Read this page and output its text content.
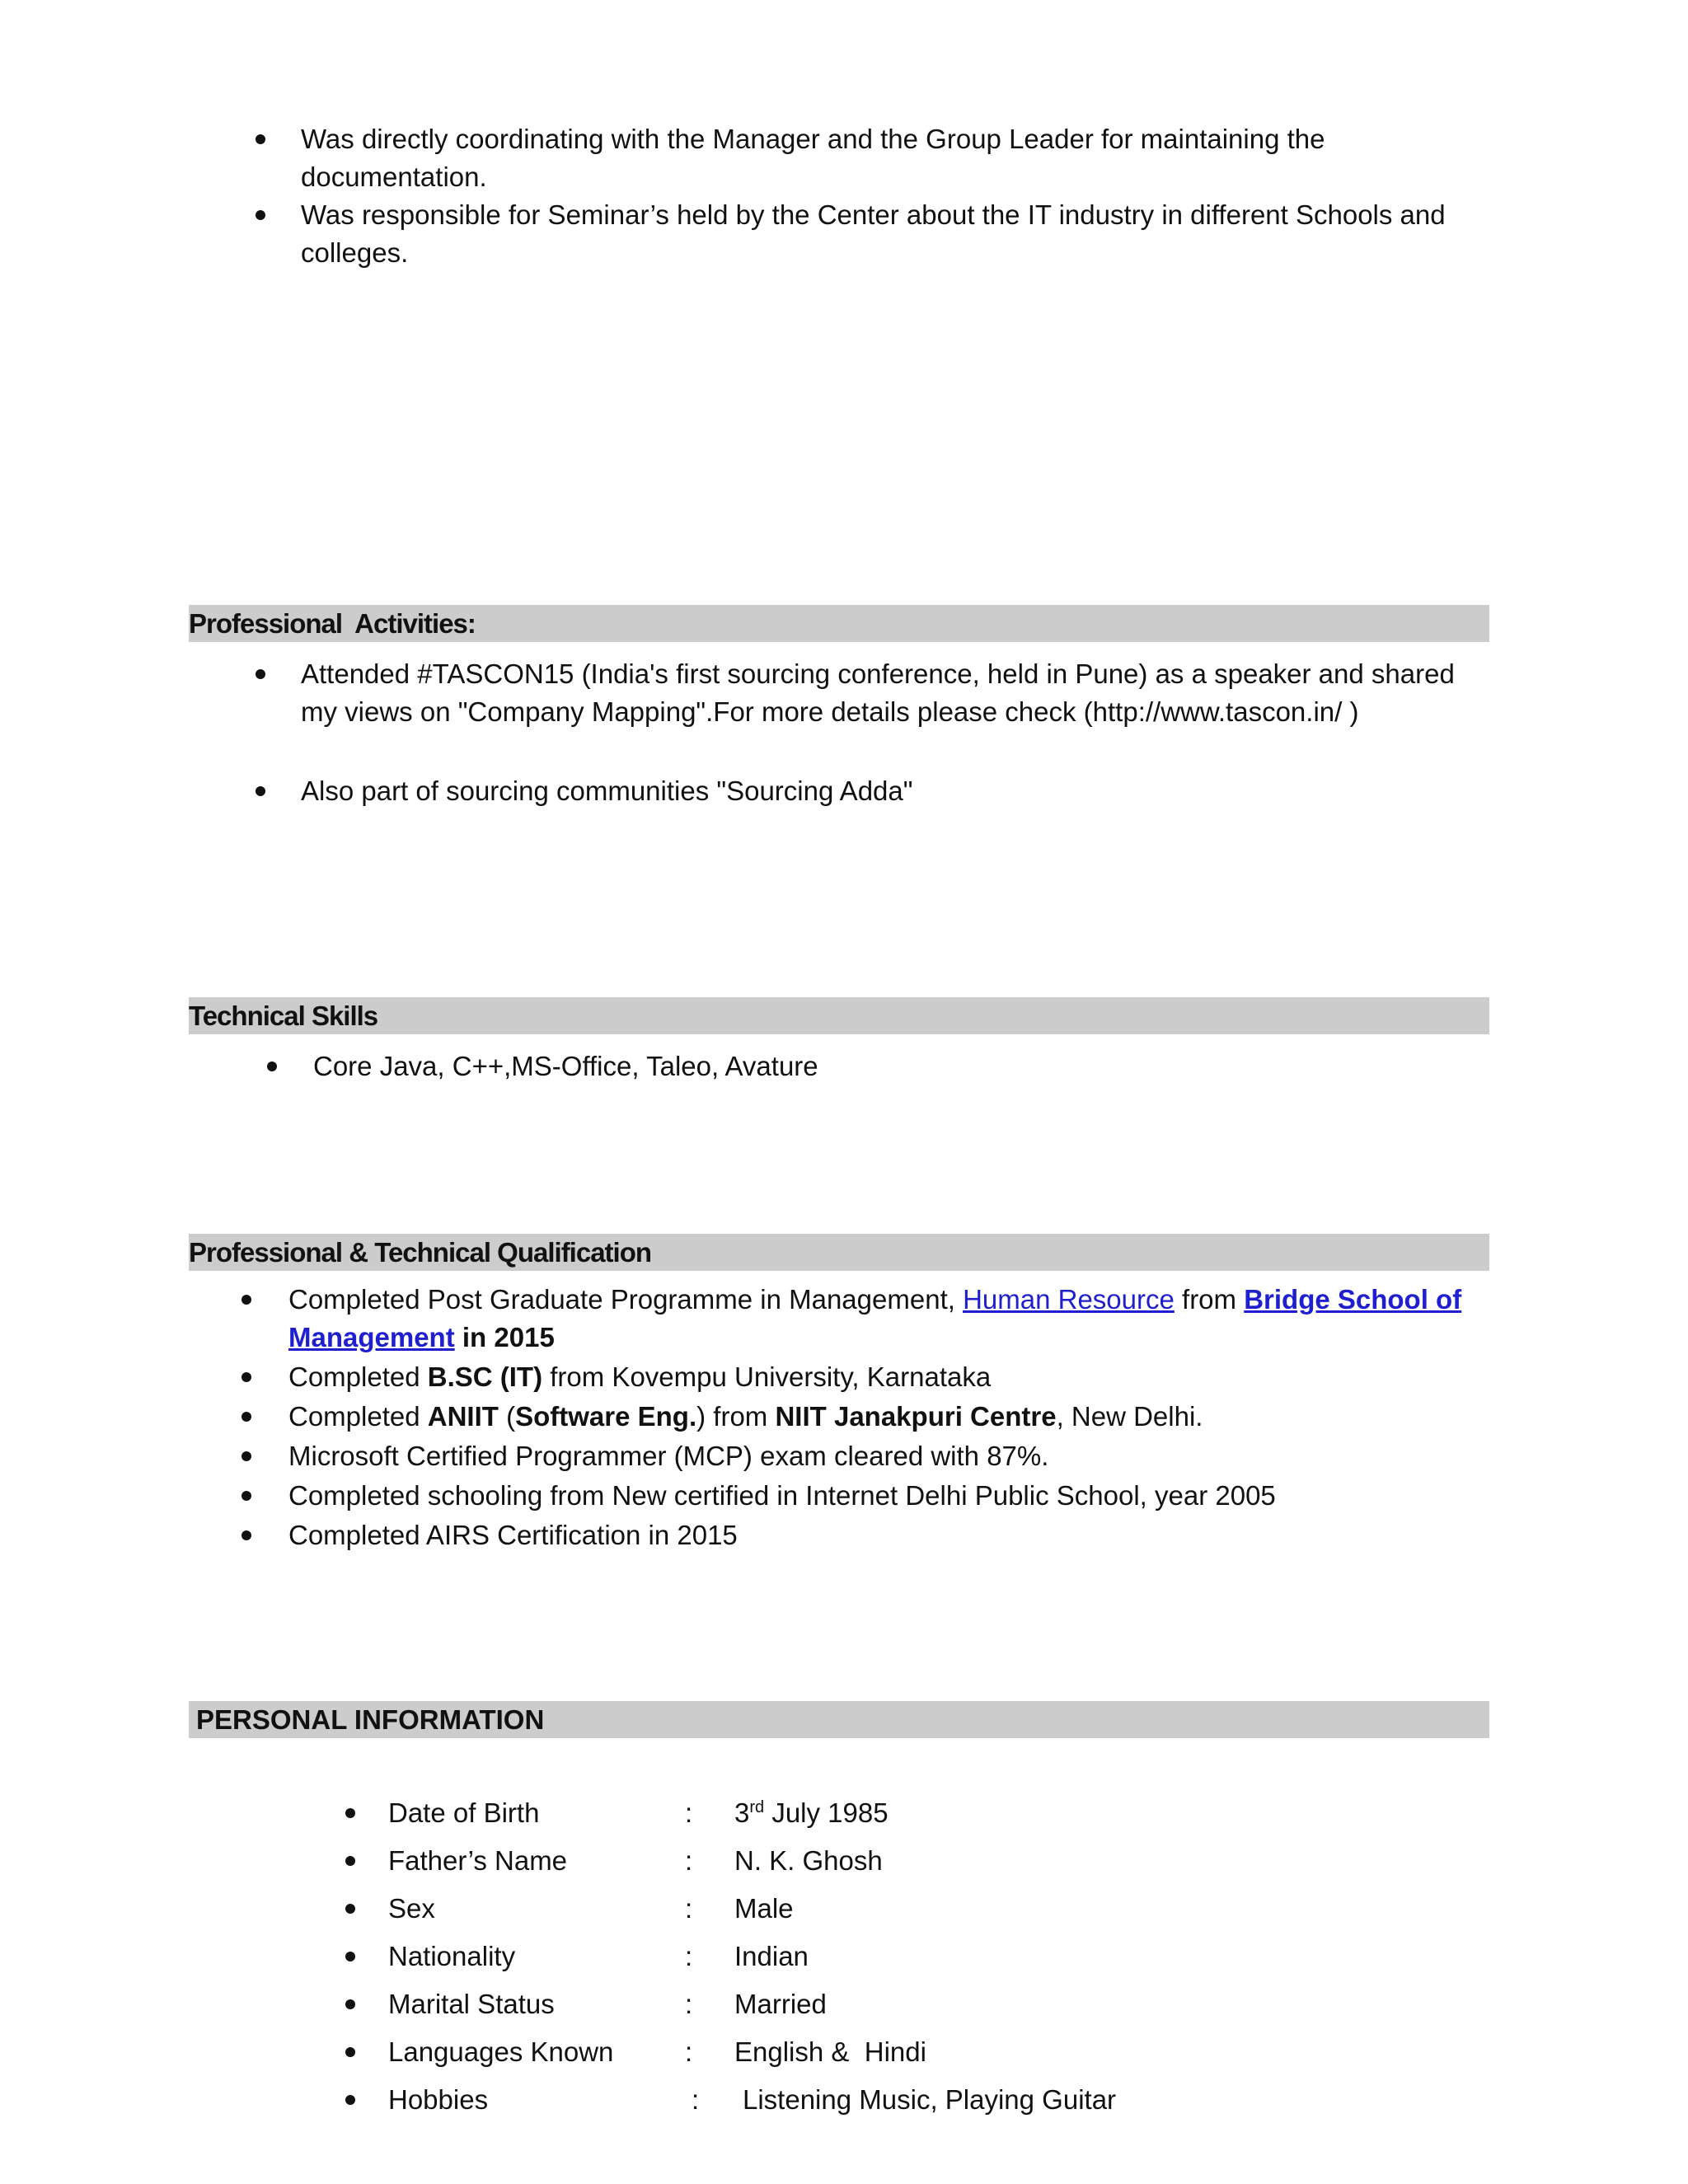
Was directly coordinating with the Manager and the Group Leader for maintaining the documentation.
Was responsible for Seminar’s held by the Center about the IT industry in different Schools and colleges.
Professional  Activities:
Attended #TASCON15 (India's first sourcing conference, held in Pune) as a speaker and shared my views on "Company Mapping".For more details please check (http://www.tascon.in/ )
Also part of sourcing communities "Sourcing Adda"
Technical Skills
Core Java, C++,MS-Office, Taleo, Avature
Professional & Technical Qualification
Completed Post Graduate Programme in Management, Human Resource from Bridge School of Management in 2015
Completed B.SC (IT) from Kovempu University, Karnataka
Completed ANIIT (Software Eng.) from NIIT Janakpuri Centre, New Delhi.
Microsoft Certified Programmer (MCP) exam cleared with 87%.
Completed schooling from New certified in Internet Delhi Public School, year 2005
Completed AIRS Certification in 2015
PERSONAL INFORMATION
Date of Birth	: 3rd July 1985
Father’s Name	: N. K. Ghosh
Sex	: Male
Nationality	: Indian
Marital Status	: Married
Languages Known	: English &  Hindi
Hobbies	: Listening Music, Playing Guitar
